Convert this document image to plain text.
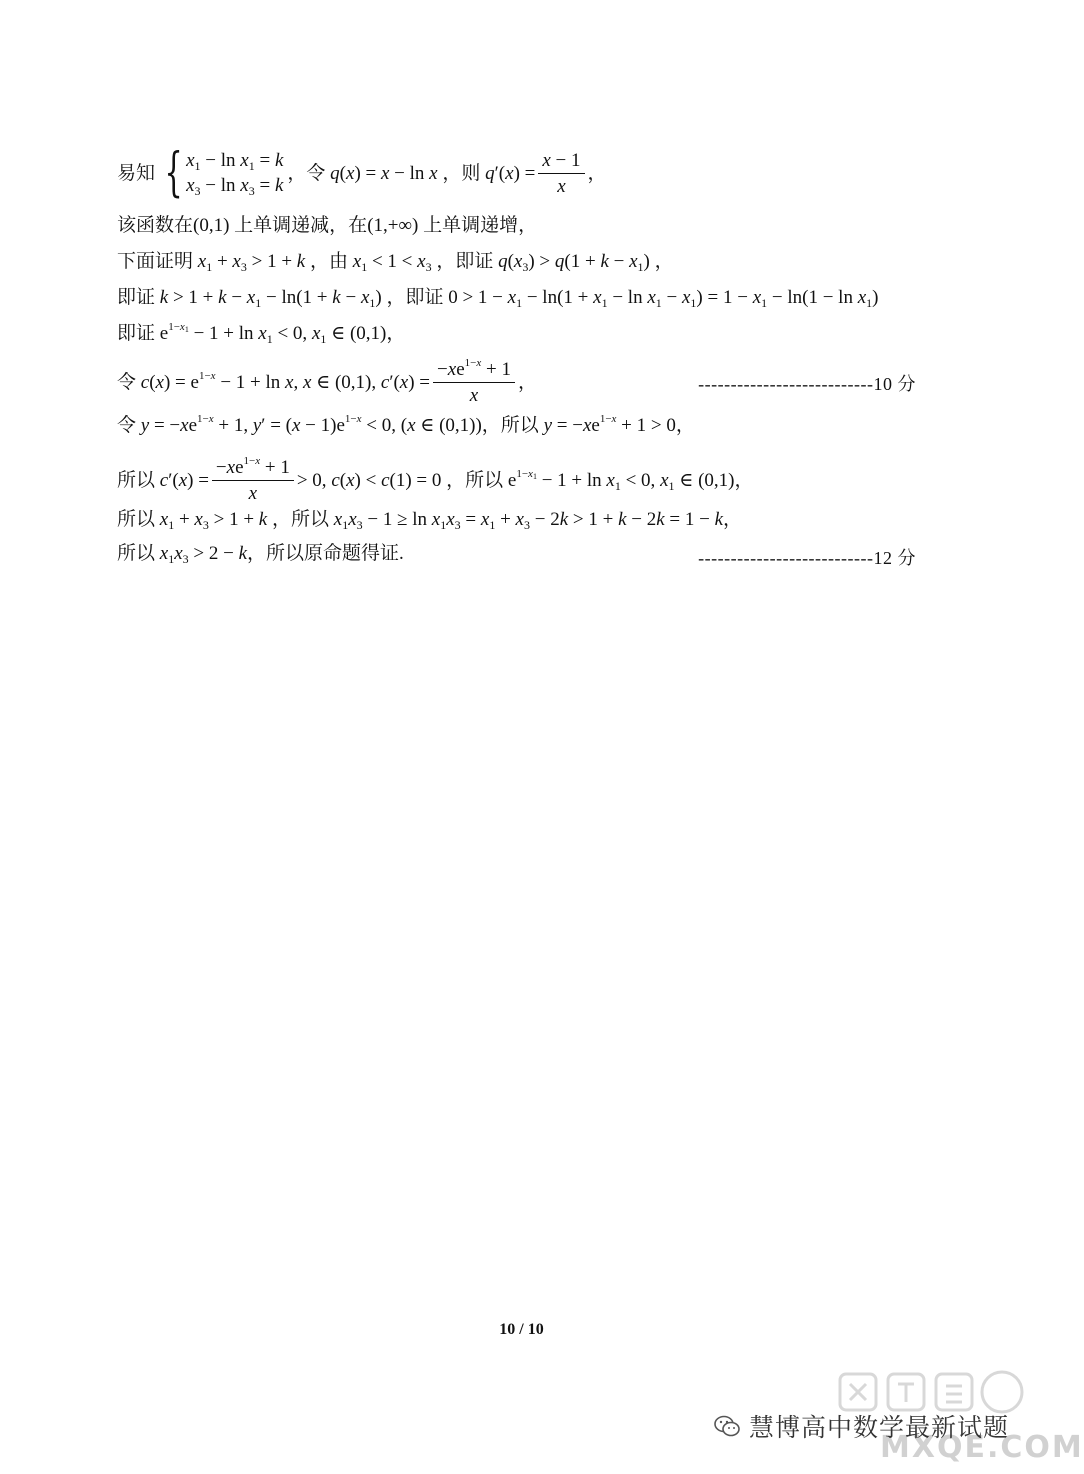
易知 { $x_1 - \ln x_1 = k$
$x_3 - \ln x_3 = k$
， 令 q(x) = x − ln x ， 则 $q'(x) = \frac{x - 1}{x}$ ，
该函数在 (0,1) 上单调递减，在 (1,+∞) 上单调递增，
下面证明 $x_1 + x_3 > 1 + k$ ，由 $x_1 < 1 < x_3$ ，即证 $q(x_3) > q(1 + k - x_1)$ ，
即证 $k > 1 + k - x_1 - \ln(1 + k - x_1)$ ，即证 $0 > 1 - x_1 - \ln(1 + x_1 - \ln x_1 - x_1) = 1 - x_1 - \ln(1 - \ln x_1)$
即证 $e^{1-x_1} - 1 + \ln x_1 < 0$, $x_1$ ∈ (0,1) ，
令 $c(x) = e^{1-x} - 1 + \ln x$, x ∈ (0,1), $c'(x) = \frac{-xe^{1-x} + 1}{x}$ ，	---------------------------10 分
令 $y = -xe^{1-x} + 1$, $y' = (x - 1)e^{1-x} < 0$, (x ∈ (0,1)) ，所以 $y = -xe^{1-x} + 1 > 0$ ，
所以 $c'(x) = \frac{-xe^{1-x} + 1}{x} > 0$, c(x) < c(1) = 0 ，所以 $e^{1-x_1} - 1 + \ln x_1 < 0$, $x_1$ ∈ (0,1) ，
所以 $x_1 + x_3 > 1 + k$ ，所以 $x_1x_3 - 1 \ge \ln x_1x_3 = x_1 + x_3 - 2k > 1 + k - 2k = 1 - k$ ，
所以 $x_1x_3 > 2 - k$ ，所以原命题得证.	---------------------------12 分
10 / 10
MXQE.COM
慧博高中数学最新试题
